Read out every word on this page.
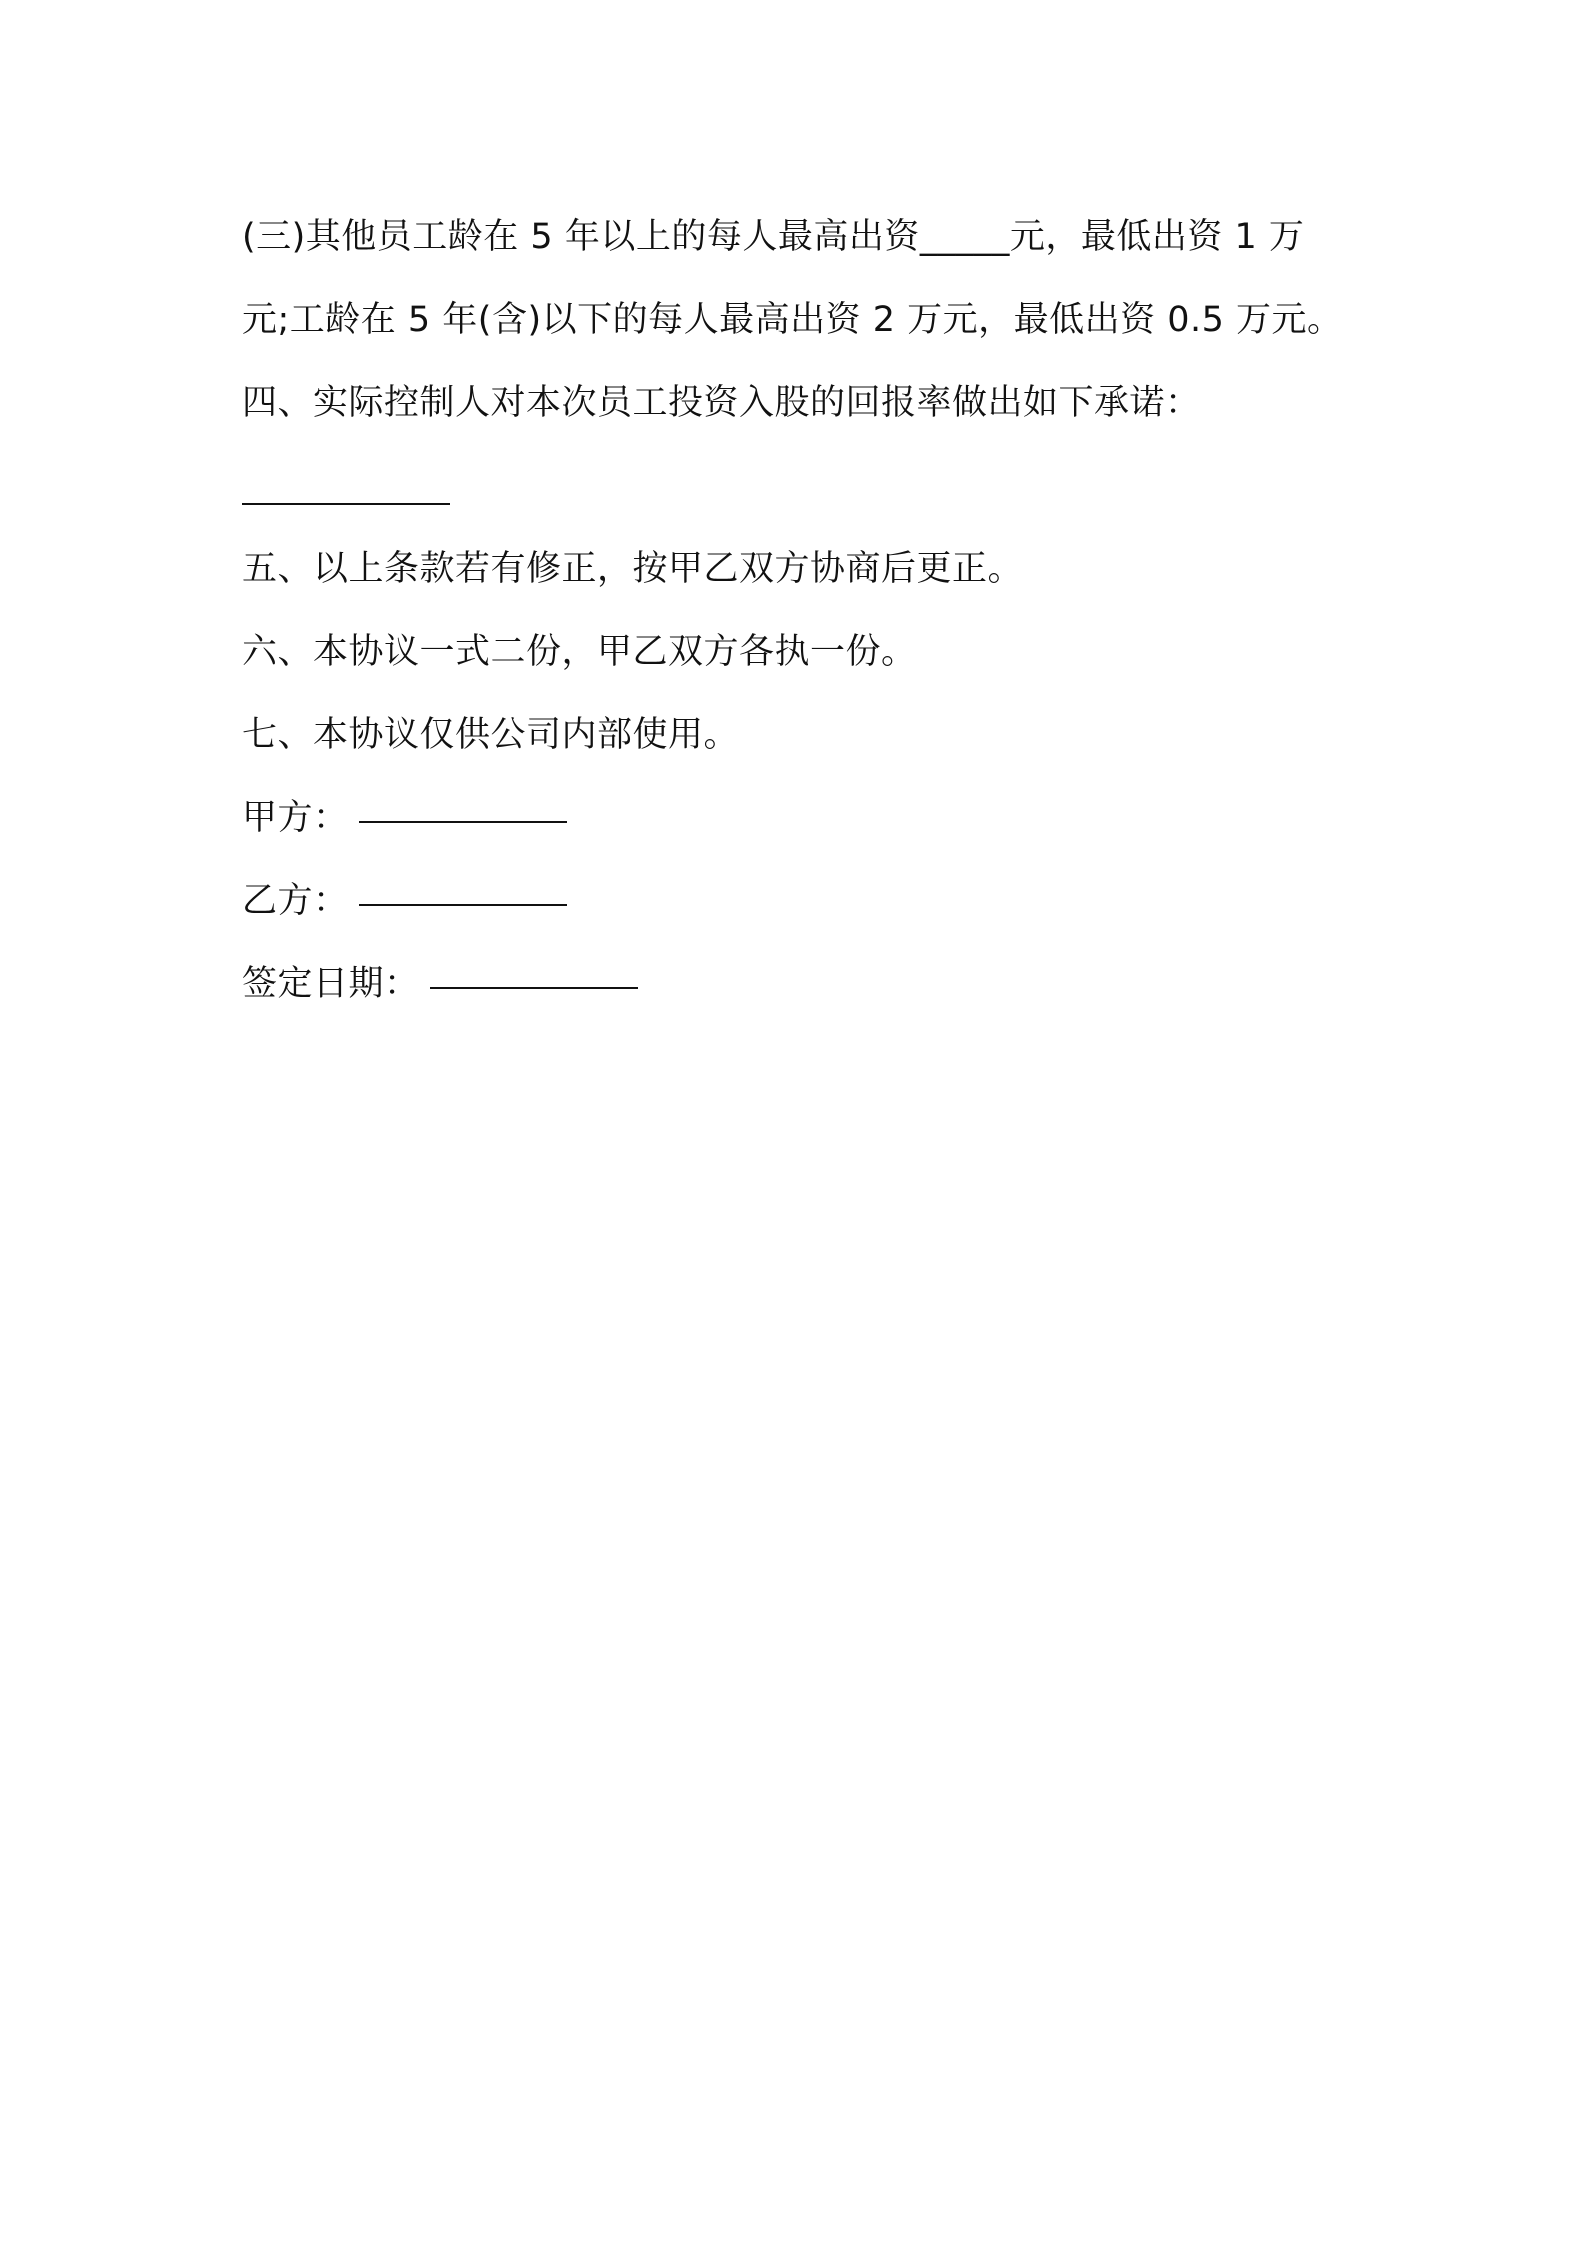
(三)其他员工龄在 5 年以上的每人最高出资_____元，最低出资 1 万

元;工龄在 5 年(含)以下的每人最高出资 2 万元，最低出资 0.5 万元。

四、实际控制人对本次员工投资入股的回报率做出如下承诺：

五、以上条款若有修正，按甲乙双方协商后更正。

六、本协议一式二份，甲乙双方各执一份。

七、本协议仅供公司内部使用。

甲方：

乙方：

签定日期：
